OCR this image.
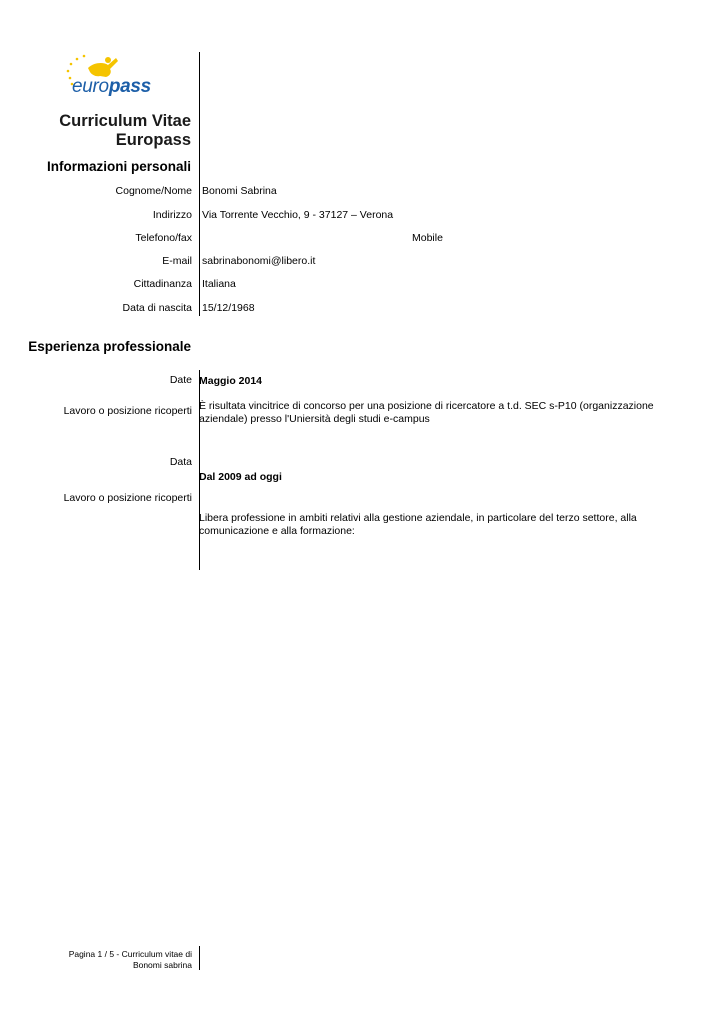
europass
Curriculum Vitae
Europass
Informazioni personali
Cognome/Nome Bonomi Sabrina
Indirizzo Via Torrente Vecchio, 9 - 37127 – Verona
Telefono/fax	Mobile
E-mail sabrinabonomi@libero.it
Cittadinanza Italiana
Data di nascita 15/12/1968
Esperienza professionale
Date Maggio 2014
Lavoro o posizione ricoperti È risultata vincitrice di concorso per una posizione di ricercatore a t.d. SEC s-P10 (organizzazione aziendale) presso l'Uniersità degli studi e-campus
Data
Dal 2009 ad oggi
Lavoro o posizione ricoperti
Libera professione in ambiti relativi alla gestione aziendale, in particolare del terzo settore, alla comunicazione e alla formazione:
Pagina 1 / 5 - Curriculum vitae di
Bonomi sabrina
